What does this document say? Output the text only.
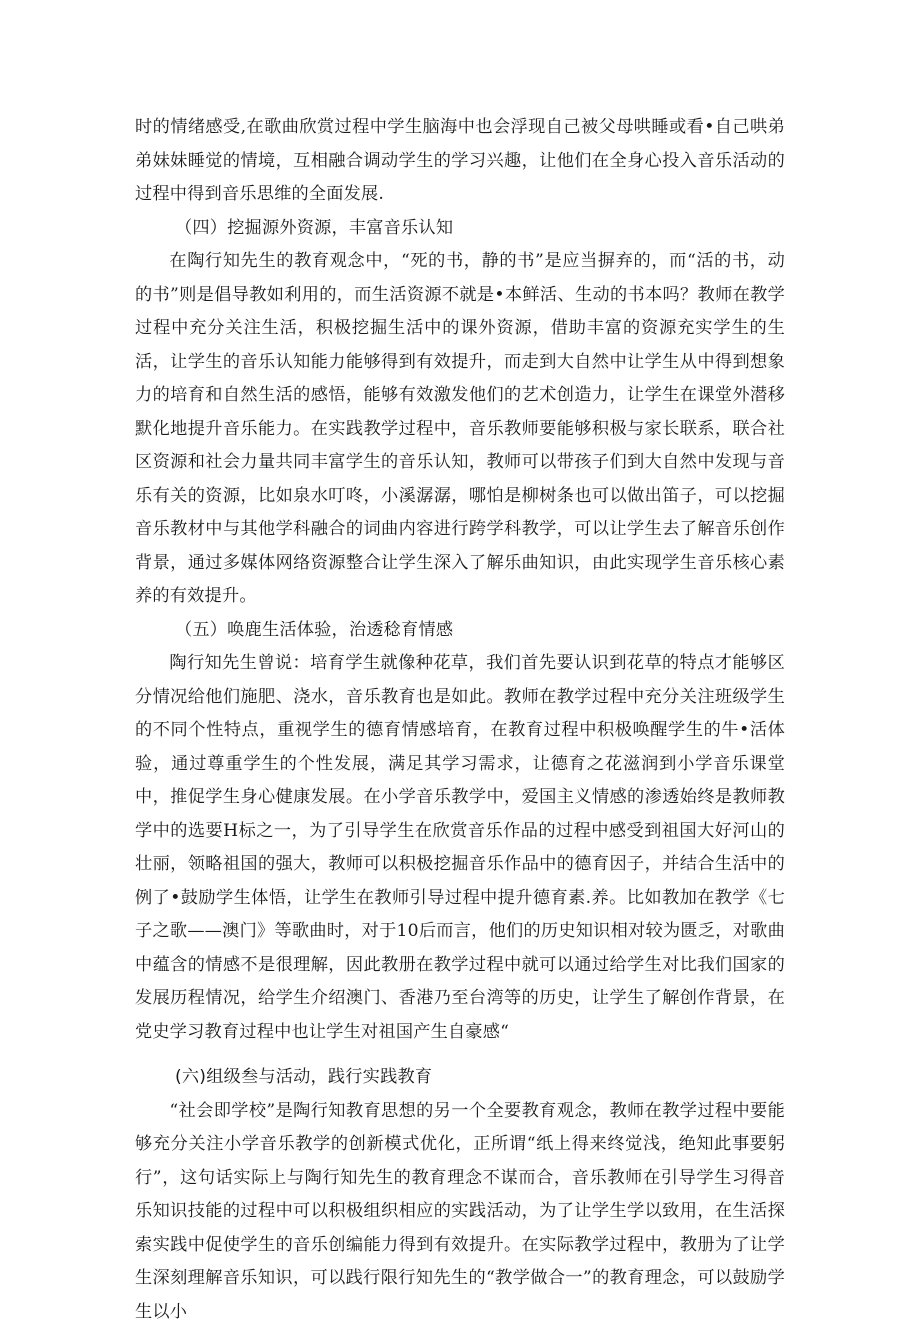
时的情绪感受,在歌曲欣赏过程中学生脑海中也会浮现自己被父母哄睡或看•自己哄弟弟妹妹睡觉的情境，互相融合调动学生的学习兴趣，让他们在全身心投入音乐活动的过程中得到音乐思维的全面发展.

（四）挖掘源外资源，丰富音乐认知

在陶行知先生的教育观念中，“死的书，静的书”是应当摒弃的，而“活的书，动的书”则是倡导教如利用的，而生活资源不就是•本鲜活、生动的书本吗？教师在教学过程中充分关注生活，积极挖掘生活中的课外资源，借助丰富的资源充实学生的生活，让学生的音乐认知能力能够得到有效提升，而走到大自然中让学生从中得到想象力的培育和自然生活的感悟，能够有效激发他们的艺术创造力，让学生在课堂外潜移默化地提升音乐能力。在实践教学过程中，音乐教师要能够积极与家长联系，联合社区资源和社会力量共同丰富学生的音乐认知，教师可以带孩子们到大自然中发现与音乐有关的资源，比如泉水叮咚，小溪潺潺，哪怕是柳树条也可以做出笛子，可以挖掘音乐教材中与其他学科融合的词曲内容进行跨学科教学，可以让学生去了解音乐创作背景，通过多媒体网络资源整合让学生深入了解乐曲知识，由此实现学生音乐核心素养的有效提升。

（五）唤鹿生活体验，治透稔育情感

陶行知先生曾说：培育学生就像种花草，我们首先要认识到花草的特点才能够区分情况给他们施肥、浇水，音乐教育也是如此。教师在教学过程中充分关注班级学生的不同个性特点，重视学生的德育情感培育，在教育过程中积极唤醒学生的牛•活体验，通过尊重学生的个性发展，满足其学习需求，让德育之花滋润到小学音乐课堂中，推促学生身心健康发展。在小学音乐教学中，爱国主义情感的渗透始终是教师教学中的选要H标之一，为了引导学生在欣赏音乐作品的过程中感受到祖国大好河山的壮丽，领略祖国的强大，教师可以积极挖掘音乐作品中的德育因子，并结合生活中的例了•鼓励学生体悟，让学生在教师引导过程中提升德育素.养。比如教加在教学《七子之歌——澳门》等歌曲时，对于10后而言，他们的历史知识相对较为匮乏，对歌曲中蕴含的情感不是很理解，因此教册在教学过程中就可以通过给学生对比我们国家的发展历程情况，给学生介绍澳门、香港乃至台湾等的历史，让学生了解创作背景，在党史学习教育过程中也让学生对祖国产生自豪感“

(六)组级叁与活动，践行实践教育

“社会即学校”是陶行知教育思想的另一个全要教育观念，教师在教学过程中要能够充分关注小学音乐教学的创新模式优化，正所谓“纸上得来终觉浅，绝知此事要躬行”，这句话实际上与陶行知先生的教育理念不谋而合，音乐教师在引导学生习得音乐知识技能的过程中可以积极组织相应的实践活动，为了让学生学以致用，在生活探索实践中促使学生的音乐创编能力得到有效提升。在实际教学过程中，教册为了让学生深刻理解音乐知识，可以践行限行知先生的“教学做合一”的教育理念，可以鼓励学生以小
